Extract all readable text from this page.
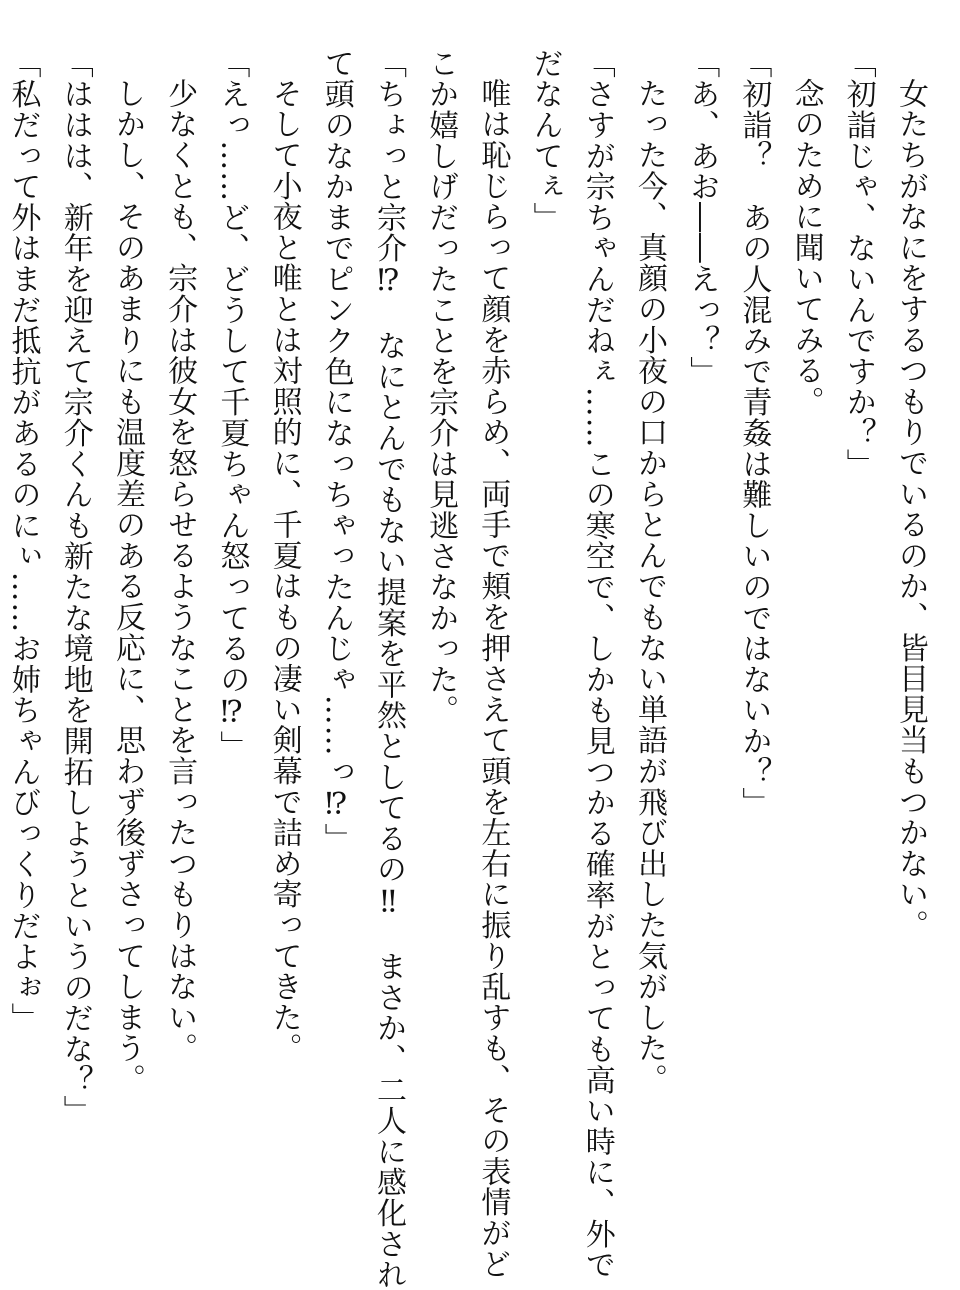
女たちがなにをするつもりでいるのか、皆目見当もつかない。
「初詣じゃ、ないんですか？」
念のために聞いてみる。
「初詣？　あの人混みで青姦は難しいのではないか？」
「あ、あお――えっ？」
たった今、真顔の小夜の口からとんでもない単語が飛び出した気がした。
「さすが宗ちゃんだねぇ……この寒空で、しかも見つかる確率がとっても高い時に、外で
だなんてぇ」
唯は恥じらって顔を赤らめ、両手で頬を押さえて頭を左右に振り乱すも、その表情がど
こか嬉しげだったことを宗介は見逃さなかった。
「ちょっと宗介⁉　なにとんでもない提案を平然としてるの‼　まさか、二人に感化され
て頭のなかまでピンク色になっちゃったんじゃ……っ⁉」
そして小夜と唯とは対照的に、千夏はもの凄い剣幕で詰め寄ってきた。
「えっ……ど、どうして千夏ちゃん怒ってるの⁉」
少なくとも、宗介は彼女を怒らせるようなことを言ったつもりはない。
しかし、そのあまりにも温度差のある反応に、思わず後ずさってしまう。
「ははは、新年を迎えて宗介くんも新たな境地を開拓しようというのだな？」
「私だって外はまだ抵抗があるのにぃ……お姉ちゃんびっくりだよぉ」
